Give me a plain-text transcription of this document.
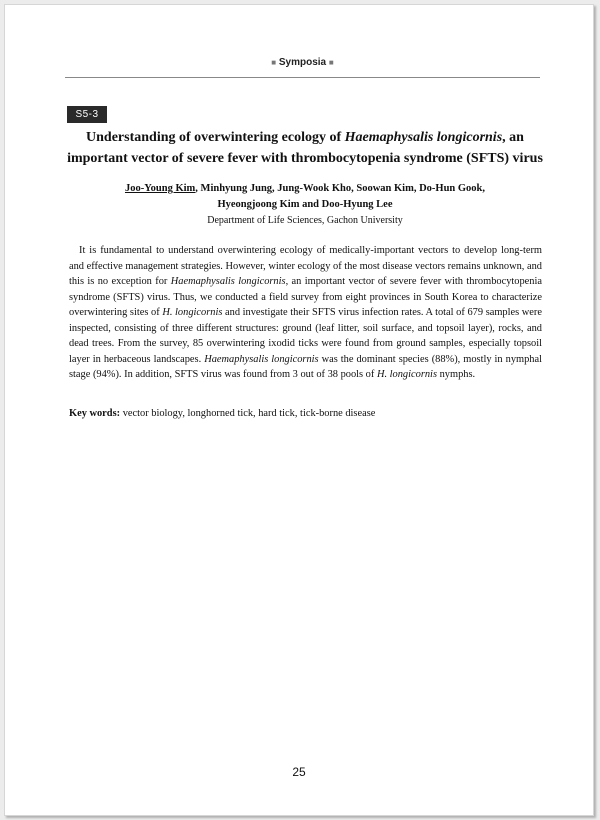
■ Symposia ■
S5-3
Understanding of overwintering ecology of Haemaphysalis longicornis, an important vector of severe fever with thrombocytopenia syndrome (SFTS) virus
Joo-Young Kim, Minhyung Jung, Jung-Wook Kho, Soowan Kim, Do-Hun Gook,
Hyeongjoong Kim and Doo-Hyung Lee
Department of Life Sciences, Gachon University

It is fundamental to understand overwintering ecology of medically-important vectors to develop long-term and effective management strategies. However, winter ecology of the most disease vectors remains unknown, and this is no exception for Haemaphysalis longicornis, an important vector of severe fever with thrombocytopenia syndrome (SFTS) virus. Thus, we conducted a field survey from eight provinces in South Korea to characterize overwintering sites of H. longicornis and investigate their SFTS virus infection rates. A total of 679 samples were inspected, consisting of three different structures: ground (leaf litter, soil surface, and topsoil layer), rocks, and dead trees. From the survey, 85 overwintering ixodid ticks were found from ground samples, especially topsoil layer in herbaceous landscapes. Haemaphysalis longicornis was the dominant species (88%), mostly in nymphal stage (94%). In addition, SFTS virus was found from 3 out of 38 pools of H. longicornis nymphs.

Key words: vector biology, longhorned tick, hard tick, tick-borne disease

25
